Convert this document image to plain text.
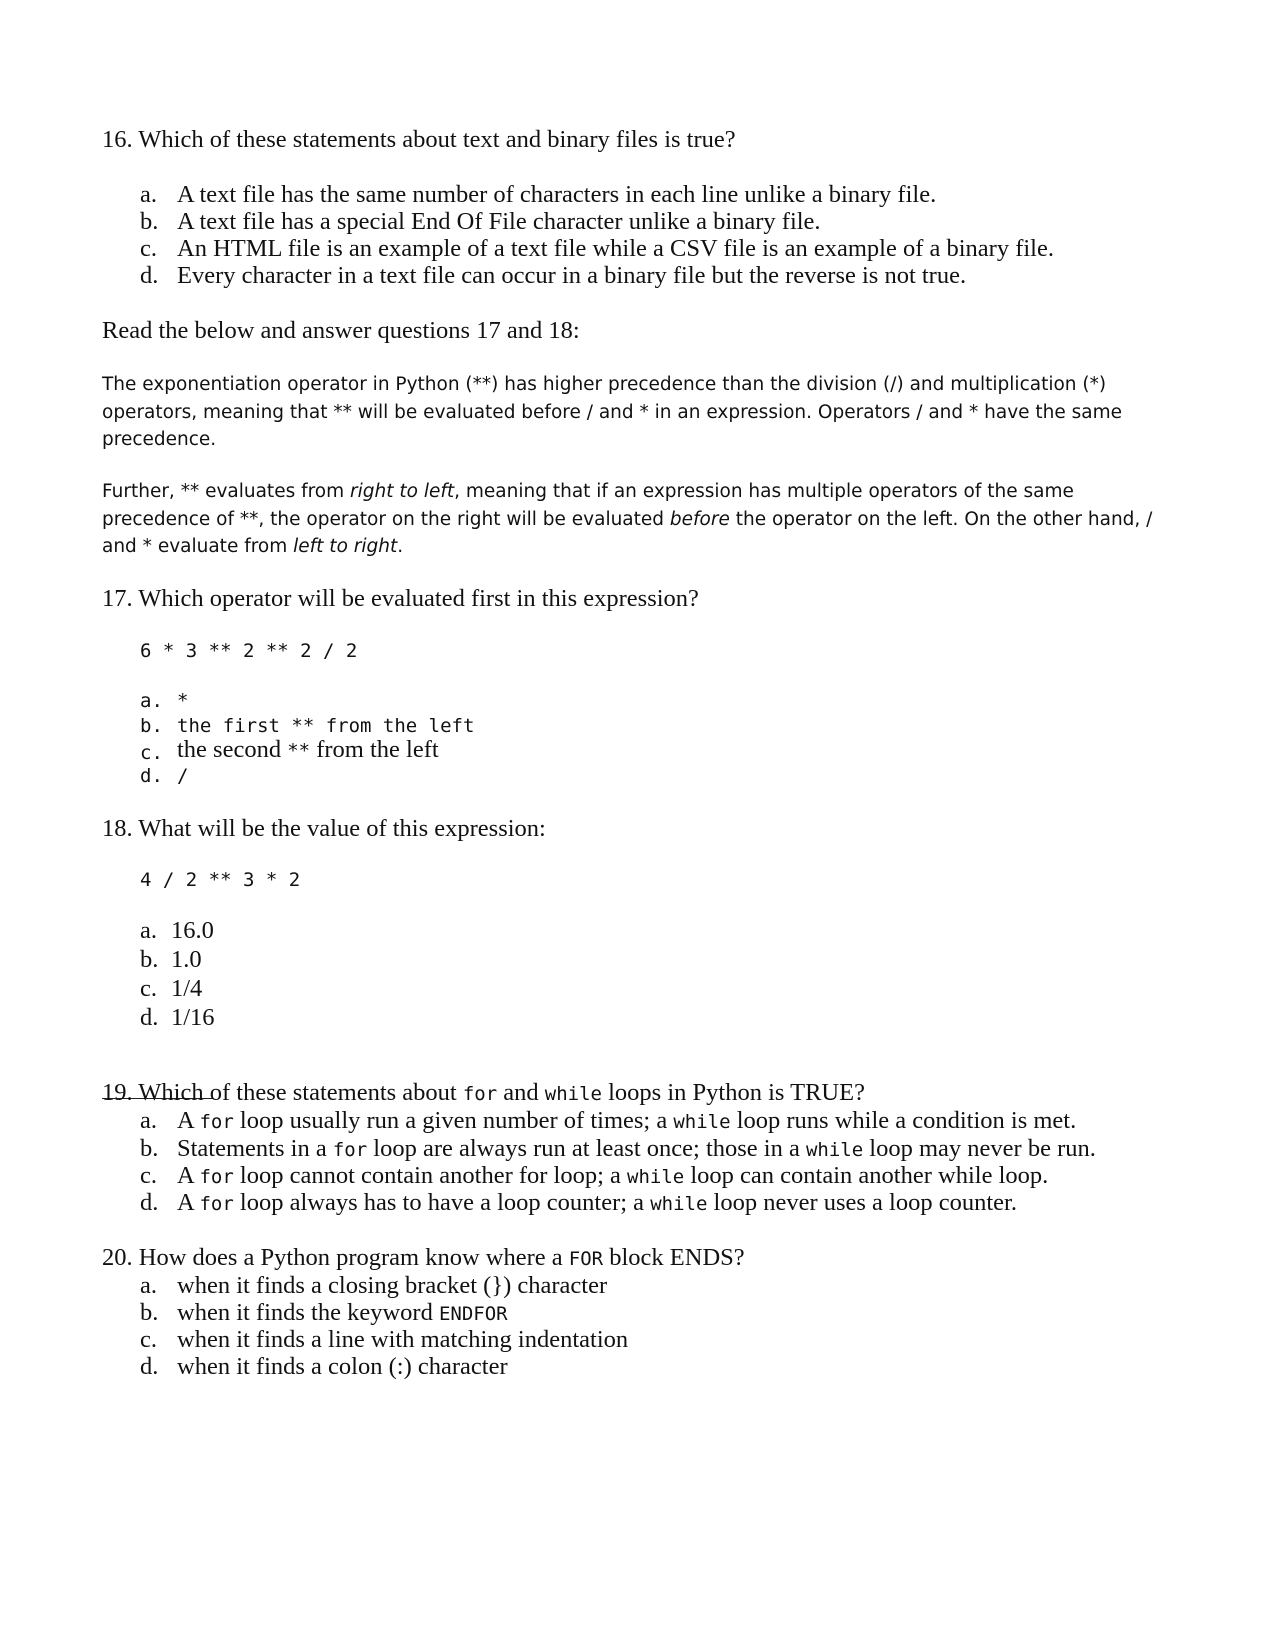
16. Which of these statements about text and binary files is true?
a. A text file has the same number of characters in each line unlike a binary file.
b. A text file has a special End Of File character unlike a binary file.
c. An HTML file is an example of a text file while a CSV file is an example of a binary file.
d. Every character in a text file can occur in a binary file but the reverse is not true.
Read the below and answer questions 17 and 18:

The exponentiation operator in Python (**) has higher precedence than the division (/) and multiplication (*) operators, meaning that ** will be evaluated before / and * in an expression. Operators / and * have the same precedence.

Further, ** evaluates from right to left, meaning that if an expression has multiple operators of the same precedence of **, the operator on the right will be evaluated before the operator on the left. On the other hand, / and * evaluate from left to right.

17. Which operator will be evaluated first in this expression?
6 * 3 ** 2 ** 2 / 2
a. *
b. the first ** from the left
c. the second ** from the left
d. /
18. What will be the value of this expression:
4 / 2 ** 3 * 2
a. 16.0
b. 1.0
c. 1/4
d. 1/16
19. Which of these statements about for and while loops in Python is TRUE?
a. A for loop usually run a given number of times; a while loop runs while a condition is met.
b. Statements in a for loop are always run at least once; those in a while loop may never be run.
c. A for loop cannot contain another for loop; a while loop can contain another while loop.
d. A for loop always has to have a loop counter; a while loop never uses a loop counter.
20. How does a Python program know where a FOR block ENDS?
a. when it finds a closing bracket (}) character
b. when it finds the keyword ENDFOR
c. when it finds a line with matching indentation
d. when it finds a colon (:) character
